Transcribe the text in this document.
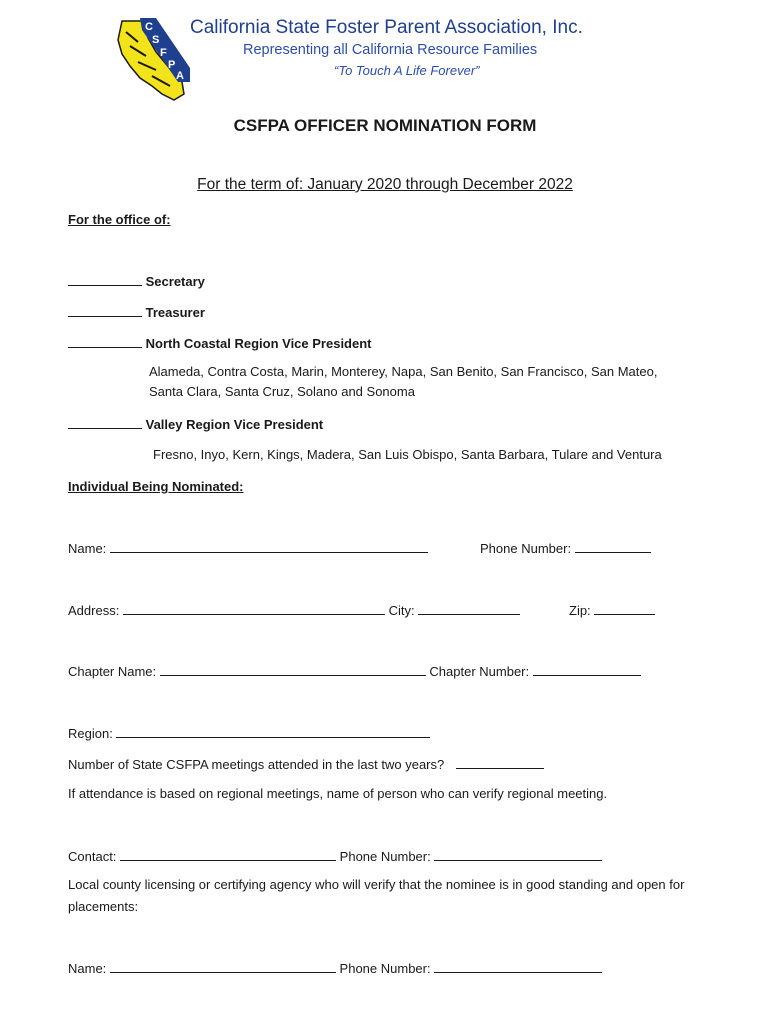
C
S
F
P
A
California State Foster Parent Association, Inc.
Representing all California Resource Families
“To Touch A Life Forever”
CSFPA OFFICER NOMINATION FORM
For the term of: January 2020 through December 2022
For the office of:
Secretary
Treasurer
North Coastal Region Vice President
Alameda, Contra Costa, Marin, Monterey, Napa, San Benito, San Francisco, San Mateo,
Santa Clara, Santa Cruz, Solano and Sonoma
Valley Region Vice President
Fresno, Inyo, Kern, Kings, Madera, San Luis Obispo, Santa Barbara, Tulare and Ventura
Individual Being Nominated:
Name:	Phone Number:
Address:	City:	Zip:
Chapter Name:	Chapter Number:
Region:
Number of State CSFPA meetings attended in the last two years?
If attendance is based on regional meetings, name of person who can verify regional meeting.
Contact:	Phone Number:
Local county licensing or certifying agency who will verify that the nominee is in good standing and open for placements:
Name:	Phone Number:
